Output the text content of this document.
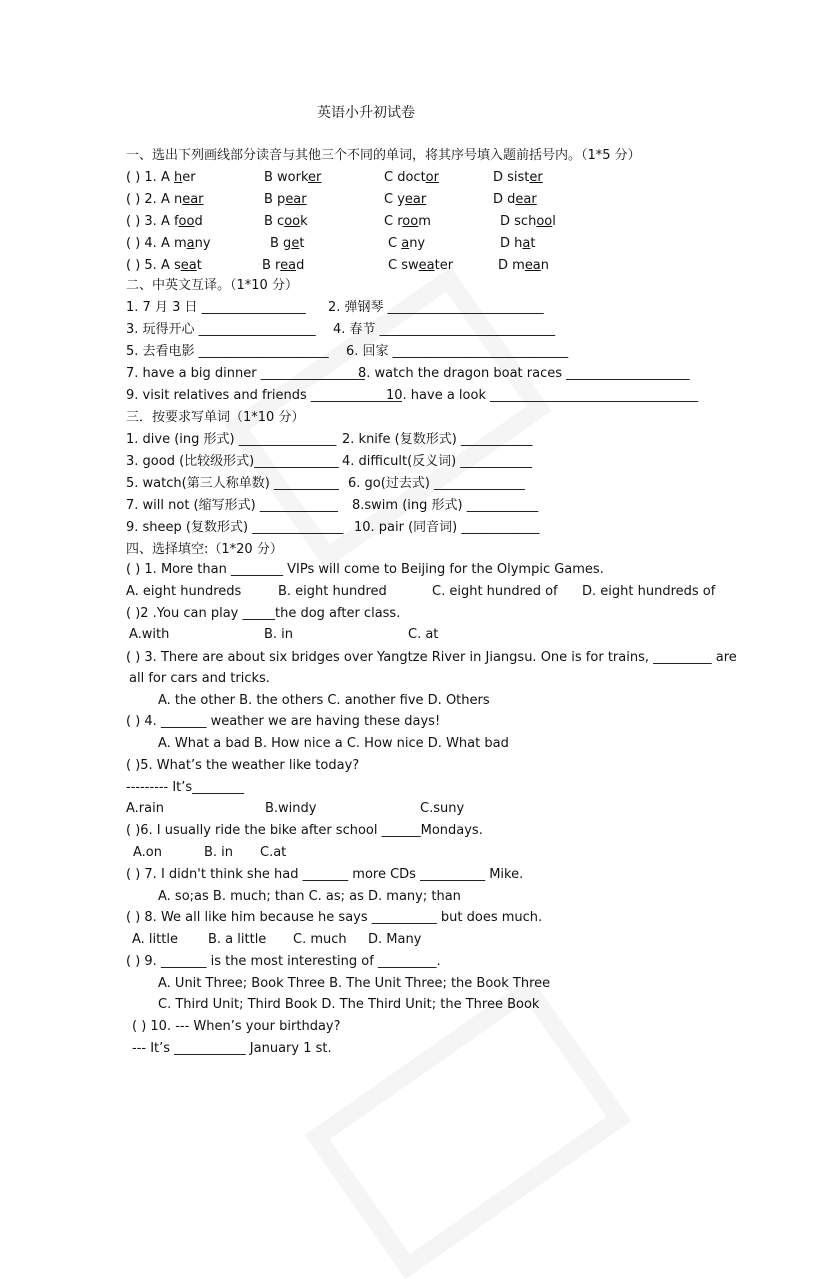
英语小升初试卷
一、选出下列画线部分读音与其他三个不同的单词，将其序号填入题前括号内。（1*5 分）
( ) 1. A her	B worker	C doctor	D sister
( ) 2. A near	B pear	C year	D dear
( ) 3. A food	B cook	C room	D school
( ) 4. A many	B get	C any	D hat
( ) 5. A seat	B read	C sweater	D mean
二、中英文互译。（1*10 分）
1. 7 月 3 日 ________________ 2. 弹钢琴 ________________________
3. 玩得开心 __________________ 4. 春节 ___________________________
5. 去看电影 ____________________ 6. 回家 ___________________________
7. have a big dinner ________________
8. watch the dragon boat races ___________________
9. visit relatives and friends ______________
10. have a look ________________________________
三．按要求写单词（1*10 分）
1. dive (ing 形式) _______________ 2. knife (复数形式) ___________
3. good (比较级形式)_____________ 4. difficult(反义词) ___________
5. watch(第三人称单数) __________ 6. go(过去式) ______________
7. will not (缩写形式) ____________ 8.swim (ing 形式) ___________
9. sheep (复数形式) ______________ 10. pair (同音词) ____________
四、选择填空:（1*20 分）
( ) 1. More than ________ VIPs will come to Beijing for the Olympic Games.
A. eight hundreds	B. eight hundred	C. eight hundred of D. eight hundreds of
( )2 .You can play _____the dog after class.
A.with	B. in	C. at
( ) 3. There are about six bridges over Yangtze River in Jiangsu. One is for trains, _________ are
all for cars and tricks.
A. the other B. the others C. another five D. Others
( ) 4. _______ weather we are having these days!
A. What a bad B. How nice a C. How nice D. What bad
( )5. What’s the weather like today?
--------- It’s________
A.rain	B.windy	C.suny
( )6. I usually ride the bike after school ______Mondays.
A.on	B. in C.at
( ) 7. I didn't think she had _______ more CDs __________ Mike.
A. so;as B. much; than C. as; as D. many; than
( ) 8. We all like him because he says __________ but does much.
A. little B. a little C. much D. Many
( ) 9. _______ is the most interesting of _________.
A. Unit Three; Book Three B. The Unit Three; the Book Three
C. Third Unit; Third Book D. The Third Unit; the Three Book
( ) 10. --- When’s your birthday?
--- It’s ___________ January 1 st.
